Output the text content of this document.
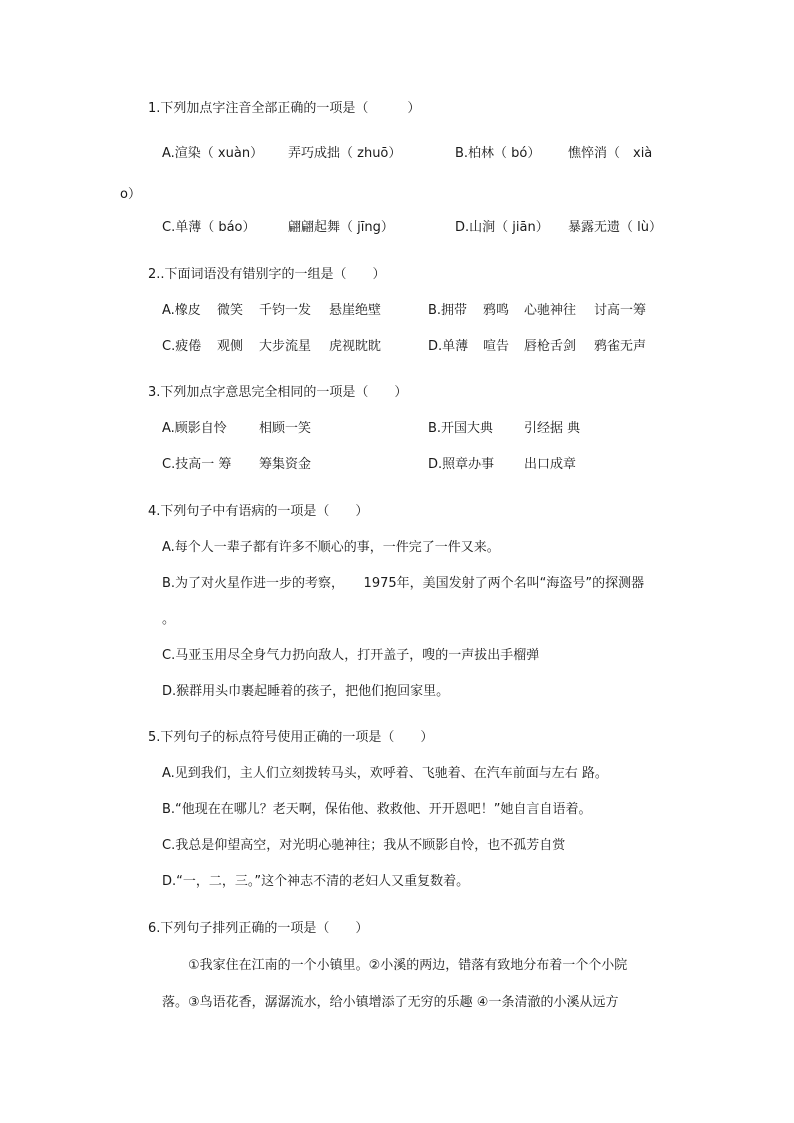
1.下列加点字注音全部正确的一项是（　　　）
A.渲染（ xuàn） 弄巧成拙（ zhuō）	B.柏林（ bó） 憔悴消（　xià
o）
C.单薄（ báo） 翩翩起舞（ jīng）	D.山涧（ jiān） 暴露无遗（ lù）
2..下面词语没有错别字的一组是（　　）
A.橡皮 微笑 千钧一发 悬崖绝壁	B.拥带 鸦鸣 心驰神往 讨高一筹
C.疲倦 观侧 大步流星 虎视眈眈	D.单薄 喧告 唇枪舌剑 鸦雀无声
3.下列加点字意思完全相同的一项是（　　）
A.顾影自怜 相顾一笑	B.开国大典 引经据 典
C.技高一 筹 筹集资金	D.照章办事 出口成章
4.下列句子中有语病的一项是（　　）
A.每个人一辈子都有许多不顺心的事，一件完了一件又来。
B.为了对火星作进一步的考察，　　1975年，美国发射了两个名叫“海盗号”的探测器
。
C.马亚玉用尽全身气力扔向敌人，打开盖子，嗖的一声拔出手榴弹
D.猴群用头巾裹起睡着的孩子，把他们抱回家里。
5.下列句子的标点符号使用正确的一项是（　　）
A.见到我们，主人们立刻拨转马头，欢呼着、飞驰着、在汽车前面与左右 路。
B.“他现在在哪儿？老天啊，保佑他、救救他、开开恩吧！”她自言自语着。
C.我总是仰望高空，对光明心驰神往；我从不顾影自怜，也不孤芳自赏
D.“一，二，三。”这个神志不清的老妇人又重复数着。
6.下列句子排列正确的一项是（　　）
①我家住在江南的一个小镇里。②小溪的两边，错落有致地分布着一个个小院
落。③鸟语花香，潺潺流水，给小镇增添了无穷的乐趣 ④一条清澈的小溪从远方
